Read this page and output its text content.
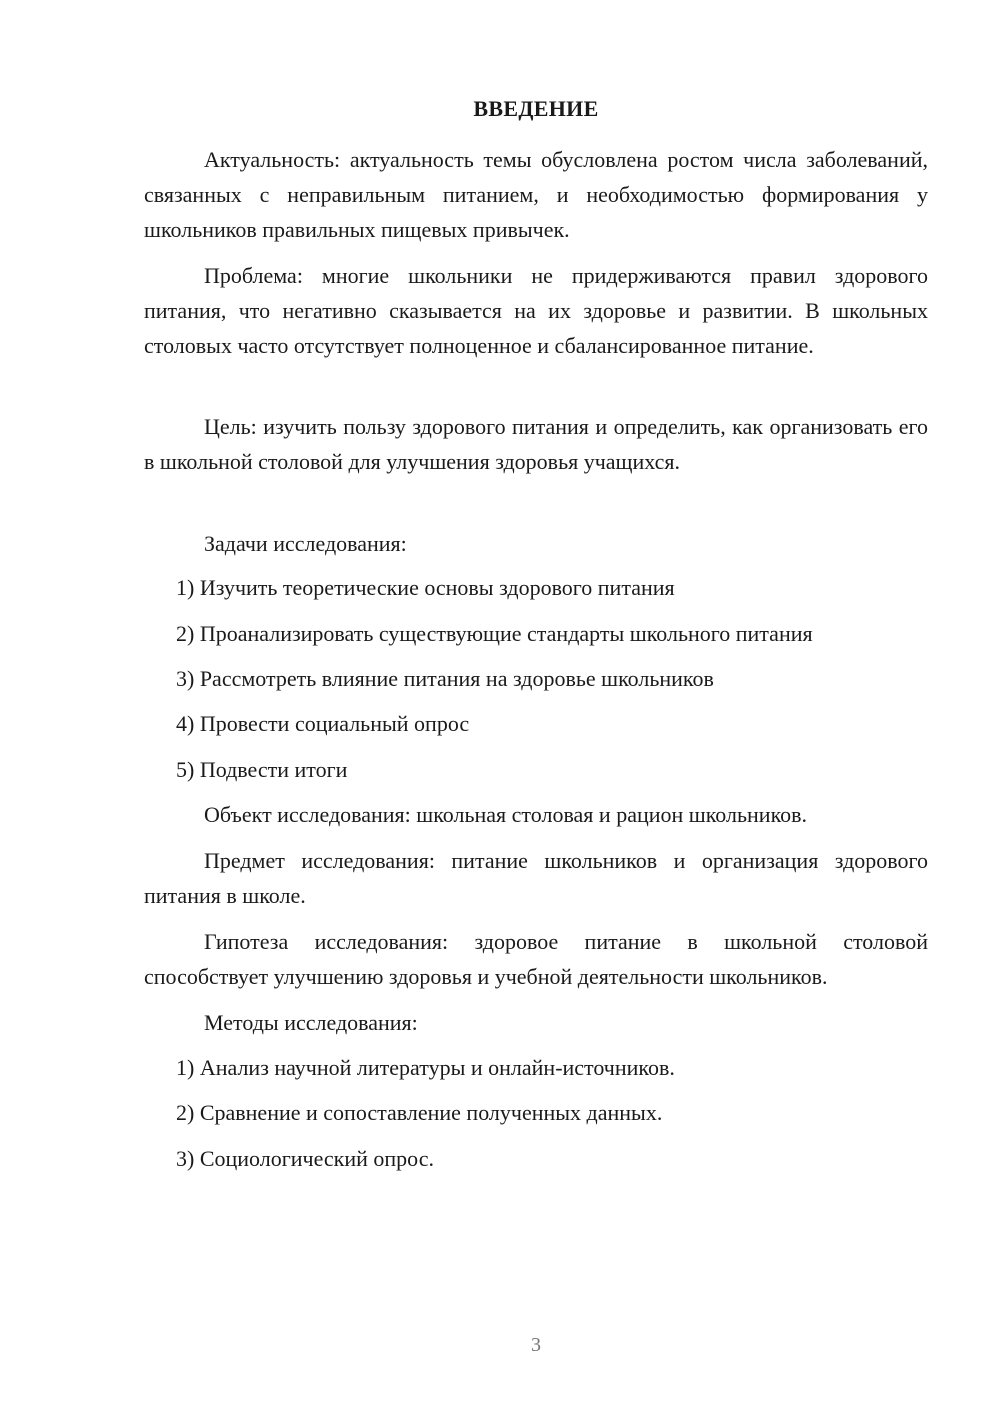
ВВЕДЕНИЕ

Актуальность: актуальность темы обусловлена ростом числа заболеваний, связанных с неправильным питанием, и необходимостью формирования у школьников правильных пищевых привычек.

Проблема: многие школьники не придерживаются правил здорового питания, что негативно сказывается на их здоровье и развитии. В школьных столовых часто отсутствует полноценное и сбалансированное питание.

Цель: изучить пользу здорового питания и определить, как организовать его в школьной столовой для улучшения здоровья учащихся.

Задачи исследования:

1) Изучить теоретические основы здорового питания

2) Проанализировать существующие стандарты школьного питания

3) Рассмотреть влияние питания на здоровье школьников

4) Провести социальный опрос

5) Подвести итоги

Объект исследования: школьная столовая и рацион школьников.

Предмет исследования: питание школьников и организация здорового питания в школе.

Гипотеза исследования: здоровое питание в школьной столовой способствует улучшению здоровья и учебной деятельности школьников.

Методы исследования:

1) Анализ научной литературы и онлайн-источников.

2) Сравнение и сопоставление полученных данных.

3) Социологический опрос.

3
